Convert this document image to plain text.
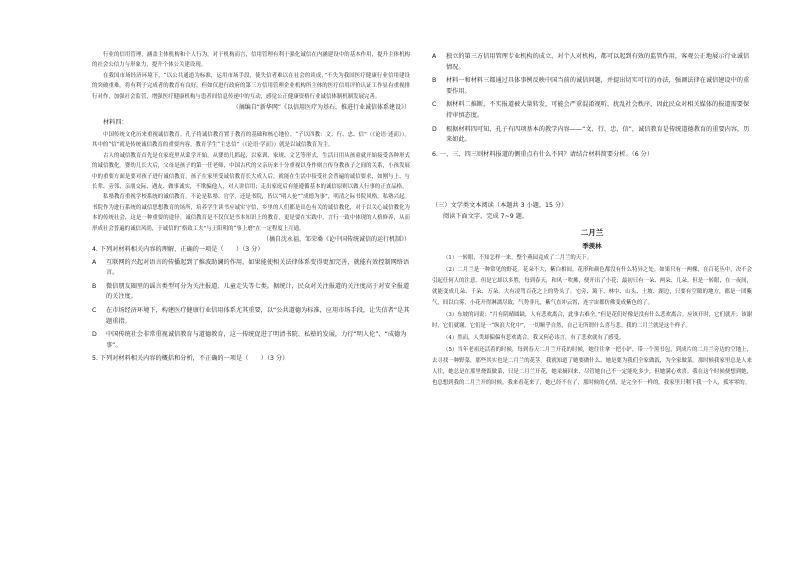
行业的信用管理，涵盖主体机构和个人行为，对于机构而言，信用管理有利于强化诚信在内涵建设中的基本作用，提升主体机构的社会公信力与形象力，提升个体公关建设现。

在我国市场经济环境下，“以公共通道为标准，运用市场手段，使失信者难以在社会的谈成，”不失为我国医疗健康行业信用建设的突破重难。将有利于完成者的教育有良好，但如仅进行政府的第三方信用管理企业机构所主体的医疗信用评价认证工作显有重视排行对作，加强社会监管，增强医疗健康机构与患者间信息传递中的互动，感觉公正健康资格行业诚信体制机制发展完善。

（摘编自“新华网”《以信用医疗为基石，推进行业诚信体系建设》）

材料四：

中国传统文化历来重视诚信教育。孔子将诚信教育置于教育的基础和核心地位。“子以四教：文、行、忠、信”（《论语·述而》）。其中的“信”就是传统诚信教育的重要内容。教育学生“主忠信”（《论语·学而》）就是以诚信教育为主。

古人的诚信教育首先是在家庭里从蒙学开始，从婴幼儿抓起，以家训、家规、文艺等形式，生活日用从孩童就开始接受各种形式的诚信教化。婴幼儿长大后，父母是孩子的第一任老师，中国古代的父亲历来十分重视以身作则言传身教孩子之间的关系，小孩发展中的重要方面是要对孩子进行诚信教育。孩子在家里受诚信教育长大成人后，就能在生活中接受社会普遍的诚信要求，如刚与上、与长辈、旁邻、亲朋交际、遇友、做事诚实，不欺骗他人，对人讲信用；走出家庭后有能遵循基本的诚信原则以做人行事的正直品格。

私塾教育重视学校系统的诚信教育，不论是私塾、官学，还是书院，皆以“明人伦”“成德为事”，明清之际书院风格，私塾兴起。书院作为进行系统的诚信思想教育的场所，培养学生读书应诚实守信，乡里的人们都是出色有关的诚信教化，对于以关心诚信教化为本的传统社会，这是一种重要的途径。诚信教育是不仅仅是书本知识上的教育，更是要在实践中，言行一致中体现的人格修养，从而形成社会普遍的诚信风尚，于诚信的“格致工夫”与王阳明的“事上磨”在一定程度上互通。

（摘自沈永福、邹荣桑《论中国传统诚信的运行机制》）

4. 下列对材料相关内容的理解，正确的一项是（　　）（3 分）

A	互联网的兴起对语言的传播起到了推波助澜的作用，如果能使相关法律体系变得更加完善，就能有效控制网络语言。
B	微信朋友圈里的谣言类型可分为关注报道、儿童走失等七类。据统计，民众对关注报道的关注度高于对安全报道的关注度。
C	在市场经济环境下，构建医疗健康行业信用体系尤其重要，以“公共道德为标准，应用市场手段，让失信者”是其题重指。
D	中国传统社会非常重视诚信教育与道德教育，这一传统促进了明清书院、私塾的发展，力行“明人伦”、“成德为事”。

5. 下列对材料相关内容的概括和分析，不正确的一项是（　　）（3 分）

A	独立的第三方信用管理专业机构的成立，对个人对机构，都可以起到有效的监管作用，客观公正地展示行业诚信情况。
B	材料一和材料三都通过具体事例反映中国当前的诚信问题，并提出切实可行的办法，强调法律在诚信建设中的重要作用。
C	据材料二推断，不实报道被大量转发，可能会严重混淆视听、扰乱社会秩序，因此民众对相关媒体的报道需要保持审慎态度。
D	根据材料四可知，孔子有四项基本的教学内容——“文、行、忠、信”，诚信教育是传统道德教育的重要内容，历来如此。

6. 一、三、四三则材料报道的侧重点有什么不同？请结合材料简要分析。（6 分）

（三）文学类文本阅读（本题共 3 小题，15 分）

阅读下面文字，完成 7~9 题。

二月兰

季羡林

（1）一转眼，不知怎样一来，整个燕园竟成了二月兰的天下。

（2）二月兰是一种常见的野花。花朵不大，紫白相间。花形和颜色都没有什么特异之处。如果只有一两棵，在百花丛中，决不会引起任何人的注意。但是它却以多胜，每到春天，和风一吹拂，便开出了小花；最初只有一朵、两朵、几朵。但是一转眼，在一夜间，就能变成几朵、千朵、万朵。大有凌驾百花之上的势头了。宅旁、篱下、林中、山头、土坡、湖边，只要有空隙的地方，都是一团紫气，间以白雾，小花开得淋漓尽致，气势非凡，紫气直冲云霄，连宇宙都仿佛变成紫色的了。

（3）东坡的词说：“月有阴晴圆缺，人有悲欢离合，此事古难全。”但是花们好像是没有什么悲欢离合。应该开时，它们就开；该谢时，它们就谢。它们是一“纵浪大化中”，一切顺乎自然，自己无所谓什么喜与悲。我的二月兰就是这个样子。

（4）然而，人类却偏偏有悲欢离合。我又何必讳言，有了悲欢就有了感受。

（5）当年老祖还活着的时候，每到春天二月兰开花的时候，她往往拿一把小铲，带一个黑书包，到成片的二月兰旁边的空地上，去寻找一种野菜，那些其实也是二月兰的花茎。我就知道了她要做什么，她是要为我们全家做饭，为全家做菜。那时候我家里总是人来人往，她总是在那里烧饭做菜，只是二月兰开花，她采摘回来，尽管她自己不一定能吃多少，但她满心欢喜。我在这个时候便想到她，也总想到我的二月兰开的时候，我来看花来了，她已经不在了，那时候的心情，是完全不一样的。我家里只剩下我一个人，孤零零的。
